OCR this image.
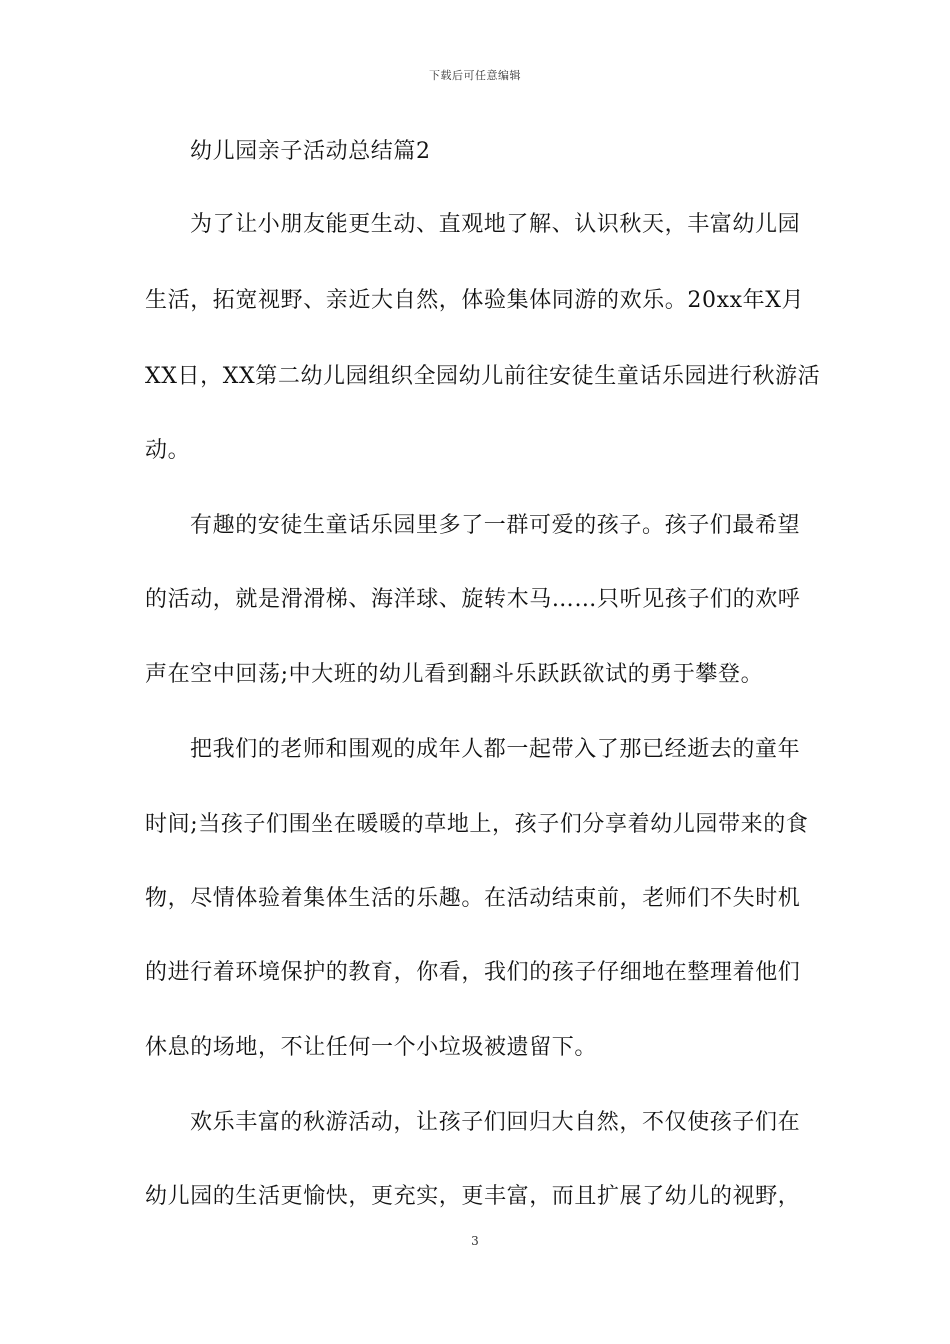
下载后可任意编辑
幼儿园亲子活动总结篇2
为了让小朋友能更生动、直观地了解、认识秋天，丰富幼儿园
生活，拓宽视野、亲近大自然，体验集体同游的欢乐。20xx年X月
XX日，XX第二幼儿园组织全园幼儿前往安徒生童话乐园进行秋游活
动。
有趣的安徒生童话乐园里多了一群可爱的孩子。孩子们最希望
的活动，就是滑滑梯、海洋球、旋转木马……只听见孩子们的欢呼
声在空中回荡;中大班的幼儿看到翻斗乐跃跃欲试的勇于攀登。
把我们的老师和围观的成年人都一起带入了那已经逝去的童年
时间;当孩子们围坐在暖暖的草地上，孩子们分享着幼儿园带来的食
物，尽情体验着集体生活的乐趣。在活动结束前，老师们不失时机
的进行着环境保护的教育，你看，我们的孩子仔细地在整理着他们
休息的场地，不让任何一个小垃圾被遗留下。
欢乐丰富的秋游活动，让孩子们回归大自然，不仅使孩子们在
幼儿园的生活更愉快，更充实，更丰富，而且扩展了幼儿的视野，
3
